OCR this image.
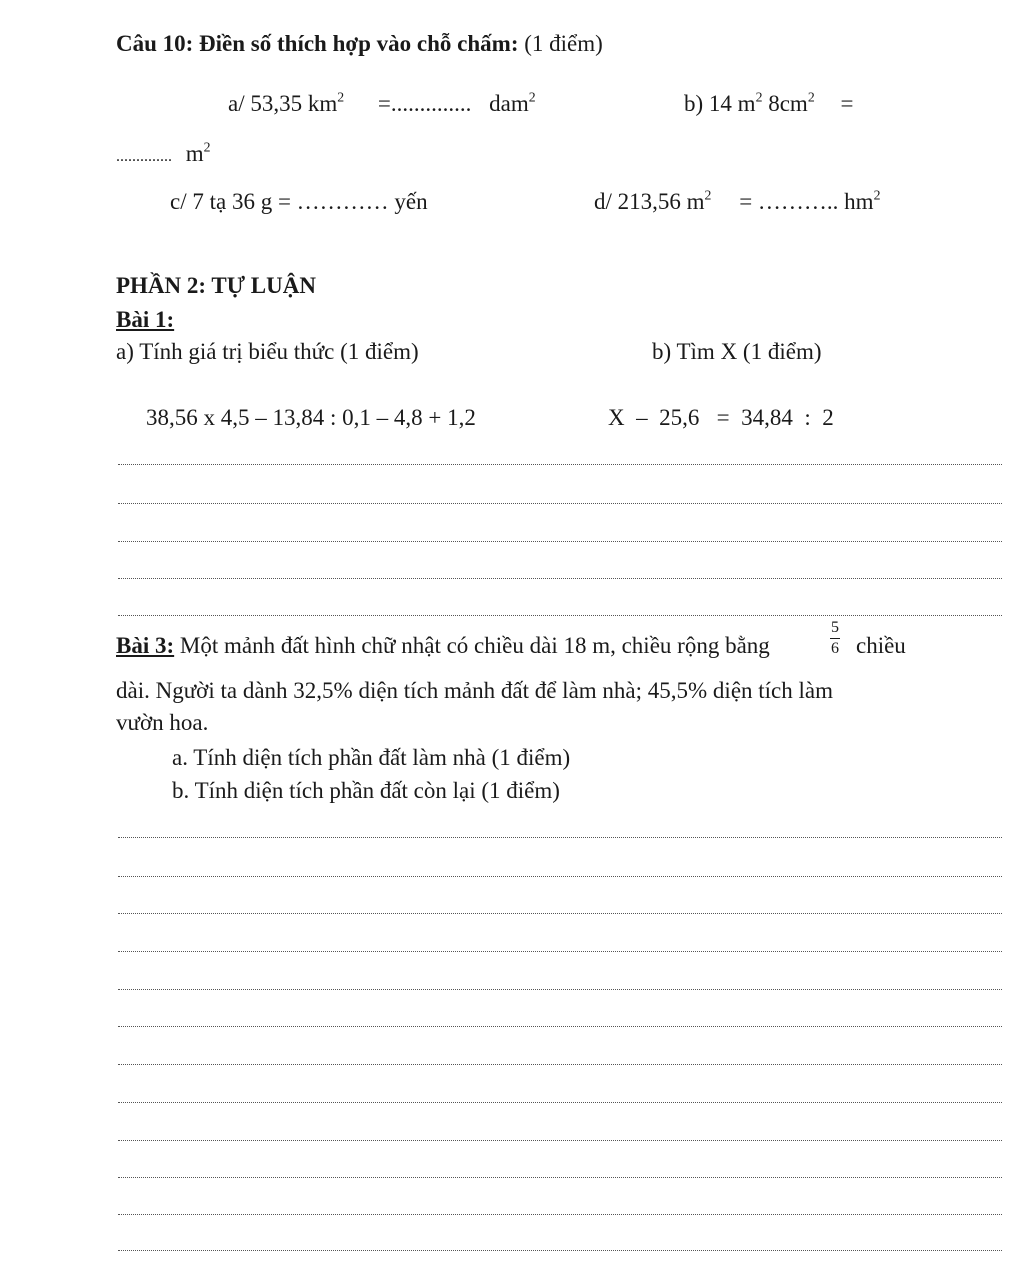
Câu 10: Điền số thích hợp vào chỗ chấm: (1 điểm)
a/ 53,35 $km^2$ =.............. dam$^2$	b) 14 $m^2$ $8cm^2$ =
.............. $m^2$
c/ 7 tạ 36 g = ………… yến	d/ 213,56 $m^2$ = ……….. $hm^2$
PHẦN 2: TỰ LUẬN
Bài 1:
a) Tính giá trị biểu thức (1 điểm)	b) Tìm X (1 điểm)
38,56 x 4,5 – 13,84 : 0,1 – 4,8 + 1,2	X  –  25,6   =  34,84  :  2
Bài 3: Một mảnh đất hình chữ nhật có chiều dài 18 m, chiều rộng bằng
5
6 chiều
dài. Người ta dành 32,5% diện tích mảnh đất để làm nhà; 45,5% diện tích làm
vườn hoa.
a. Tính diện tích phần đất làm nhà (1 điểm)
b. Tính diện tích phần đất còn lại (1 điểm)
